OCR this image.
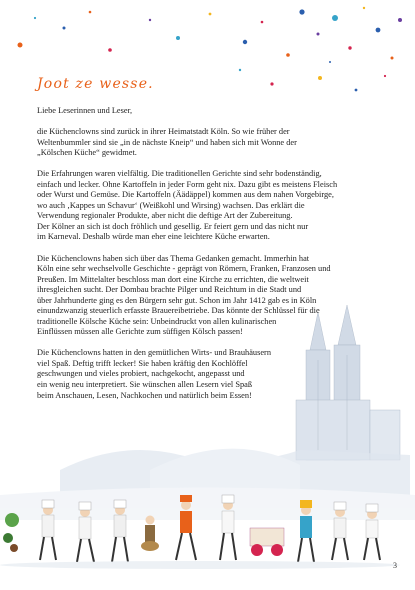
Joot ze wesse.

Liebe Leserinnen und Leser,

die Küchenclowns sind zurück in ihrer Heimatstadt Köln. So wie früher der
Weltenbummler sind sie „in de nächste Kneip“ und haben sich mit Wonne der
„Kölschen Küche“ gewidmet.

Die Erfahrungen waren vielfältig. Die traditionellen Gerichte sind sehr bodenständig,
einfach und lecker. Ohne Kartoffeln in jeder Form geht nix. Dazu gibt es meistens Fleisch
oder Wurst und Gemüse. Die Kartoffeln (Äädäppel) kommen aus dem nahen Vorgebirge,
wo auch ‚Kappes un Schavur‘ (Weißkohl und Wirsing) wachsen. Das erklärt die
Verwendung regionaler Produkte, aber nicht die deftige Art der Zubereitung.
Der Kölner an sich ist doch fröhlich und gesellig. Er feiert gern und das nicht nur
im Karneval. Deshalb würde man eher eine leichtere Küche erwarten.

Die Küchenclowns haben sich über das Thema Gedanken gemacht. Immerhin hat
Köln eine sehr wechselvolle Geschichte - geprägt von Römern, Franken, Franzosen und
Preußen. Im Mittelalter beschloss man dort eine Kirche zu errichten, die weltweit
ihresgleichen sucht. Der Dombau brachte Pilger und Reichtum in die Stadt und
über Jahrhunderte ging es den Bürgern sehr gut. Schon im Jahr 1412 gab es in Köln
einundzwanzig steuerlich erfasste Brauereibetriebe. Das könnte der Schlüssel für die
traditionelle Kölsche Küche sein: Unbeindruckt von allen kulinarischen
Einflüssen müssen alle Gerichte zum süffigen Kölsch passen!

Die Küchenclowns hatten in den gemütlichen Wirts- und Brauhäusern
viel Spaß. Deftig trifft lecker! Sie haben kräftig den Kochlöffel
geschwungen und vieles probiert, nachgekocht, angepasst und
ein wenig neu interpretiert. Sie wünschen allen Lesern viel Spaß
beim Anschauen, Lesen, Nachkochen und natürlich beim Essen!

3
